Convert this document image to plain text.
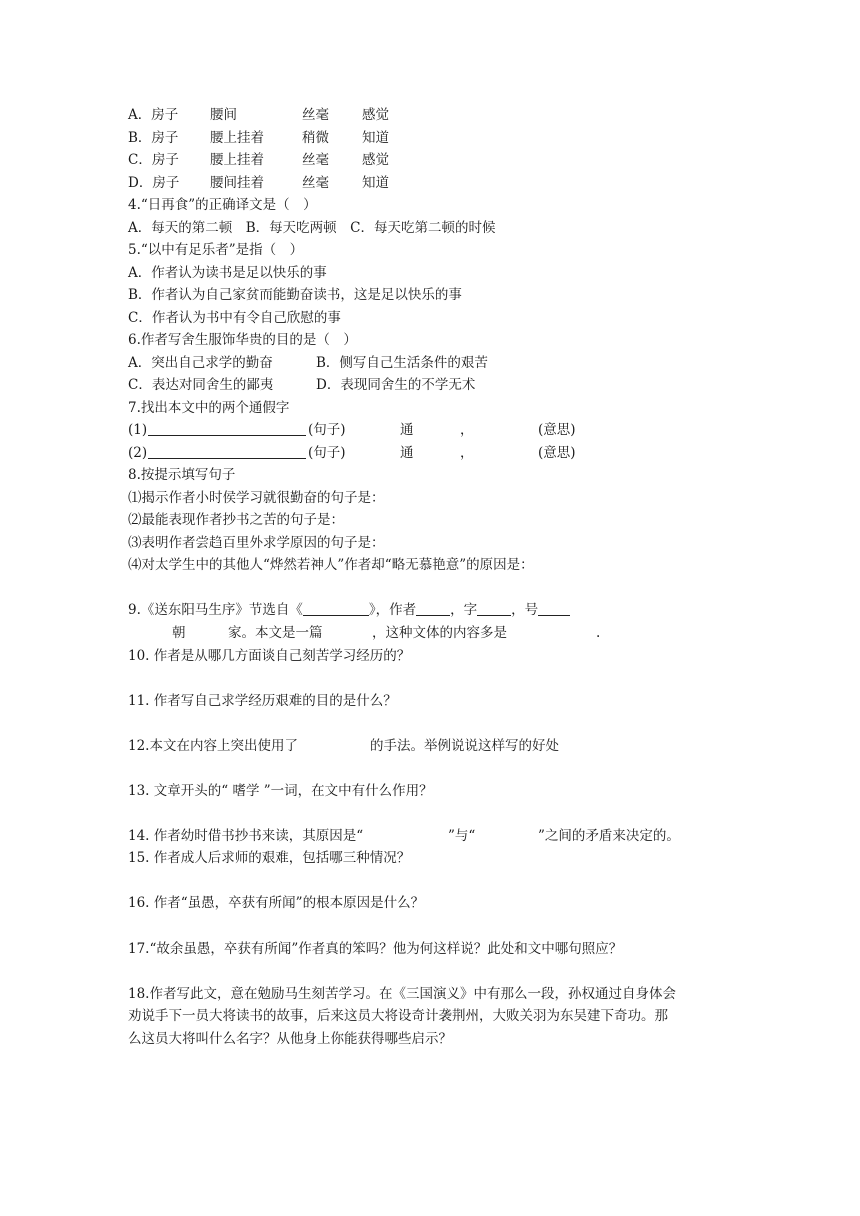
A．房子 腰间	丝毫 感觉
B．房子 腰上挂着	稍微 知道
C．房子 腰上挂着	丝毫 感觉
D．房子 腰间挂着	丝毫 知道
4.“日再食”的正确译文是（　）
A．每天的第二顿　B．每天吃两顿　C．每天吃第二顿的时候
5.“以中有足乐者”是指（　）
A．作者认为读书是足以快乐的事
B．作者认为自己家贫而能勤奋读书，这是足以快乐的事
C．作者认为书中有令自己欣慰的事
6.作者写舍生服饰华贵的目的是（　）
A．突出自己求学的勤奋	B．侧写自己生活条件的艰苦
C．表达对同舍生的鄙夷	D．表现同舍生的不学无术
7.找出本文中的两个通假字
(1)	(句子)	通	，	(意思)
(2)	(句子)	通	，	(意思)
8.按提示填写句子
⑴揭示作者小时侯学习就很勤奋的句子是：
⑵最能表现作者抄书之苦的句子是：
⑶表明作者尝趋百里外求学原因的句子是：
⑷对太学生中的其他人“烨然若神人”作者却“略无慕艳意”的原因是：
9.《送东阳马生序》节选自《	》，作者	，字	，号
朝	家。本文是一篇	，这种文体的内容多是	.
10. 作者是从哪几方面谈自己刻苦学习经历的？
11. 作者写自己求学经历艰难的目的是什么？
12.本文在内容上突出使用了	的手法。举例说说这样写的好处
13. 文章开头的“ 嗜学 ”一词，在文中有什么作用？
14. 作者幼时借书抄书来读，其原因是“	”与“	”之间的矛盾来决定的。
15. 作者成人后求师的艰难，包括哪三种情况？
16. 作者“虽愚，卒获有所闻”的根本原因是什么？
17.“故余虽愚，卒获有所闻”作者真的笨吗？他为何这样说？此处和文中哪句照应？
18.作者写此文，意在勉励马生刻苦学习。在《三国演义》中有那么一段，孙权通过自身体会
劝说手下一员大将读书的故事，后来这员大将设奇计袭荆州，大败关羽为东吴建下奇功。那
么这员大将叫什么名字？从他身上你能获得哪些启示？
